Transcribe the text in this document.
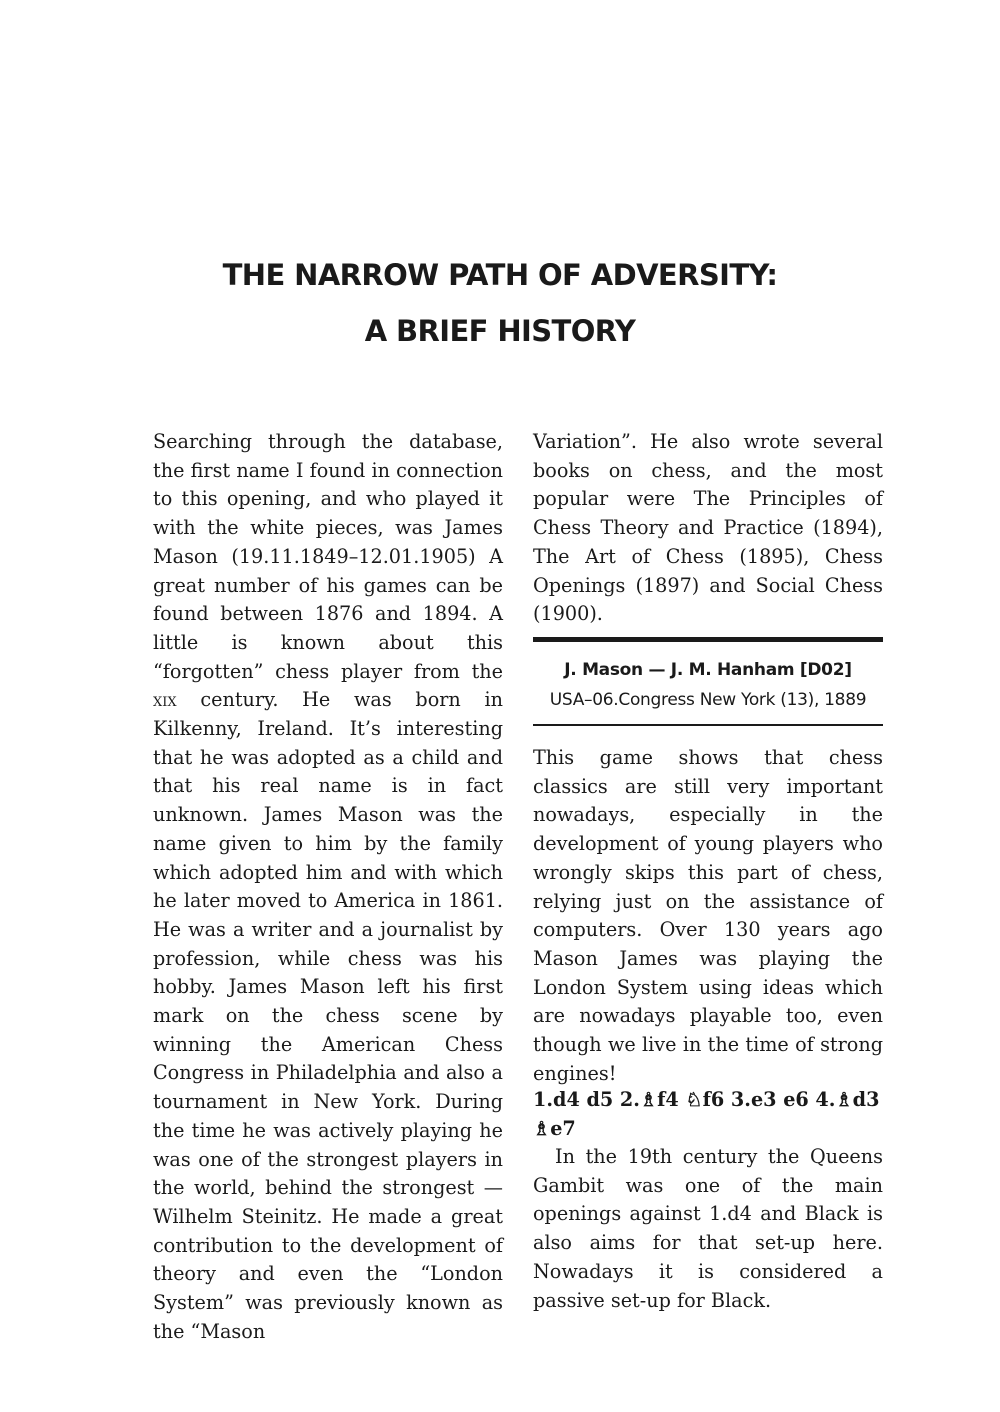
THE NARROW PATH OF ADVERSITY:
A BRIEF HISTORY

Searching through the database, the first name I found in connection to this opening, and who played it with the white pieces, was James Mason (19.11.1849–12.01.1905) A great number of his games can be found between 1876 and 1894. A little is known about this “forgotten” chess player from the xix century. He was born in Kilkenny, Ireland. It’s interesting that he was adopted as a child and that his real name is in fact unknown. James Mason was the name given to him by the family which adopted him and with which he later moved to America in 1861. He was a writer and a journalist by profession, while chess was his hobby. James Mason left his first mark on the chess scene by winning the American Chess Congress in Philadelphia and also a tournament in New York. During the time he was actively playing he was one of the strongest players in the world, behind the strongest — Wilhelm Steinitz. He made a great contribution to the development of theory and even the “London System” was previously known as the “Mason

Variation”. He also wrote several books on chess, and the most popular were The Principles of Chess Theory and Practice (1894), The Art of Chess (1895), Chess Openings (1897) and Social Chess (1900).

J. Mason — J. M. Hanham [D02]
USA–06.Congress New York (13), 1889

This game shows that chess classics are still very important nowadays, especially in the development of young players who wrongly skips this part of chess, relying just on the assistance of computers. Over 130 years ago Mason James was playing the London System using ideas which are nowadays playable too, even though we live in the time of strong engines!

1.d4 d5 2.♗f4 ♘f6 3.e3 e6 4.♗d3 ♗e7

In the 19th century the Queens Gambit was one of the main openings against 1.d4 and Black is also aims for that set-up here. Nowadays it is considered a passive set-up for Black.
